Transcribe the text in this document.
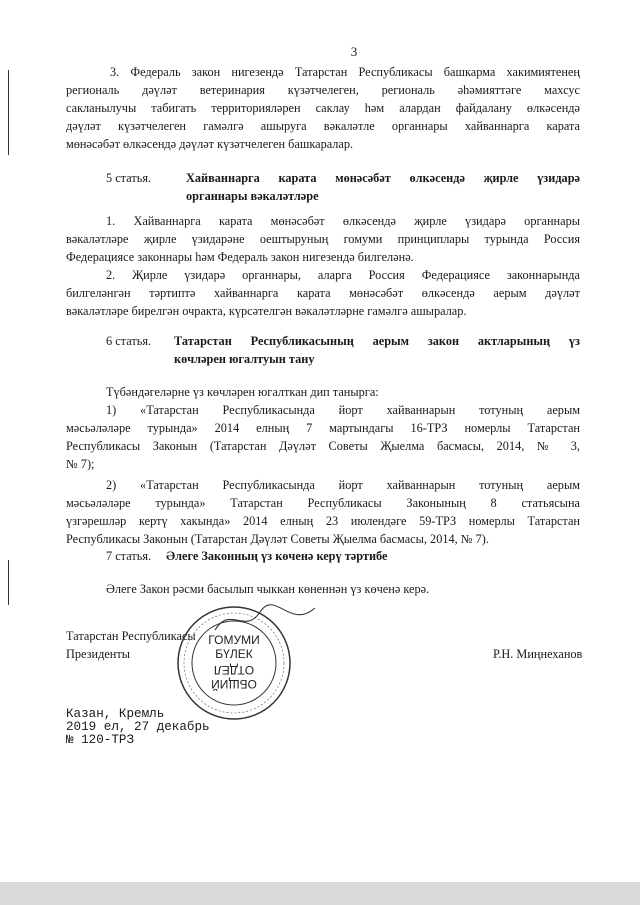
3
3. Федераль закон нигезендә Татарстан Республикасы башкарма хакимиятенең
региональ дәүләт ветеринария күзәтчелеген, региональ әһәмияттәге махсус
сакланылучы табигать территорияләрен саклау һәм алардан файдалану өлкәсендә
дәүләт күзәтчелеген гамәлгә ашыруга вәкаләтле органнары хайваннарга карата
мөнәсәбәт өлкәсендә дәүләт күзәтчелеген башкаралар.
5 статья.	Хайваннарга карата мөнәсәбәт өлкәсендә җирле үзидарә
органнары вәкаләтләре
1. Хайваннарга карата мөнәсәбәт өлкәсендә җирле үзидарә органнары
вәкаләтләре җирле үзидарәне оештыруның гомуми принциплары турында Россия
Федерациясе законнары һәм Федераль закон нигезендә билгеләнә.
2. Җирле үзидарә органнары, аларга Россия Федерациясе законнарында
билгеләнгән тәртиптә хайваннарга карата мөнәсәбәт өлкәсендә аерым дәүләт
вәкаләтләре бирелгән очракта, күрсәтелгән вәкаләтләрне гамәлгә ашыралар.
6 статья. Татарстан Республикасының аерым закон актларының үз
көчләрен югалтуын тану
Түбәндәгеләрне үз көчләрен югалткан дип танырга:
1) «Татарстан Республикасында йорт хайваннарын тотуның аерым
мәсьәләләре турында» 2014 елның 7 мартындагы 16-ТРЗ номерлы Татарстан
Республикасы Законын (Татарстан Дәүләт Советы Җыелма басмасы, 2014, № 3,
№ 7);
2) «Татарстан Республикасында йорт хайваннарын тотуның аерым
мәсьәләләре турында» Татарстан Республикасы Законының 8 статьясына
үзгәрешләр кертү хакында» 2014 елның 23 июлендәге 59-ТРЗ номерлы Татарстан
Республикасы Законын (Татарстан Дәүләт Советы Җыелма басмасы, 2014, № 7).
7 статья. Әлеге Законның үз көченә керү тәртибе
Әлеге Закон рәсми басылып чыккан көненнән үз көченә керә.
Татарстан Республикасы
Президенты	Р.Н. Миңнеханов
ГОМУМИ
БҮЛЕК
ОТДЕЛ
ОБЩИЙ
Казан, Кремль
2019 ел, 27 декабрь
№ 120-ТРЗ
